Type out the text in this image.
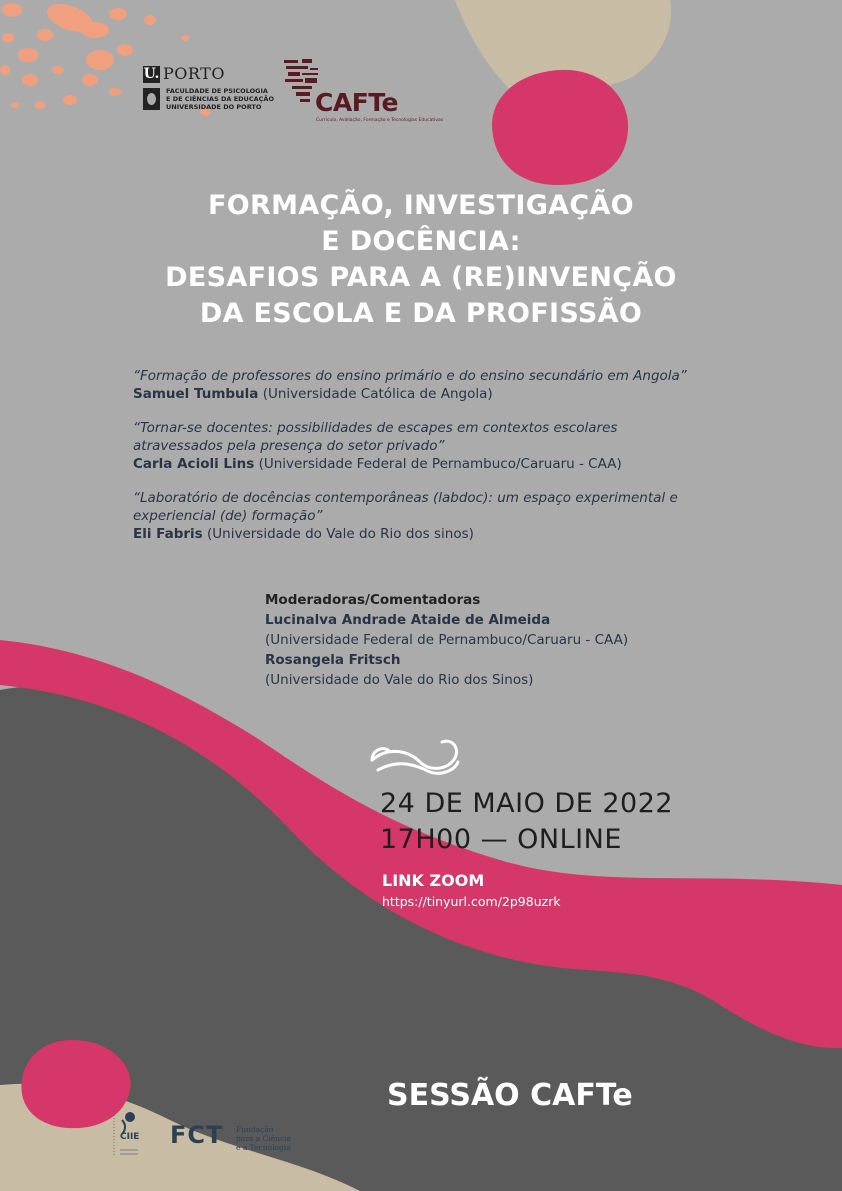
U. PORTO
FACULDADE DE PSICOLOGIA
E DE CIÊNCIAS DA EDUCAÇÃO
UNIVERSIDADE DO PORTO	CAFTe
Currículo, Avaliação, Formação e Tecnologias Educativas
FORMAÇÃO, INVESTIGAÇÃO
E DOCÊNCIA:
DESAFIOS PARA A (RE)INVENÇÃO
DA ESCOLA E DA PROFISSÃO
“Formação de professores do ensino primário e do ensino secundário em Angola”
Samuel Tumbula (Universidade Católica de Angola)
“Tornar-se docentes: possibilidades de escapes em contextos escolares
atravessados pela presença do setor privado”
Carla Acioli Lins (Universidade Federal de Pernambuco/Caruaru - CAA)
“Laboratório de docências contemporâneas (labdoc): um espaço experimental e
experiencial (de) formação”
Eli Fabris (Universidade do Vale do Rio dos sinos)
Moderadoras/Comentadoras
Lucinalva Andrade Ataide de Almeida
(Universidade Federal de Pernambuco/Caruaru - CAA)
Rosangela Fritsch
(Universidade do Vale do Rio dos Sinos)
24 DE MAIO DE 2022
17H00 — ONLINE
LINK ZOOM
https://tinyurl.com/2p98uzrk
SESSÃO CAFTe
CIIE FCT Fundação
para a Ciência
e a Tecnologia
